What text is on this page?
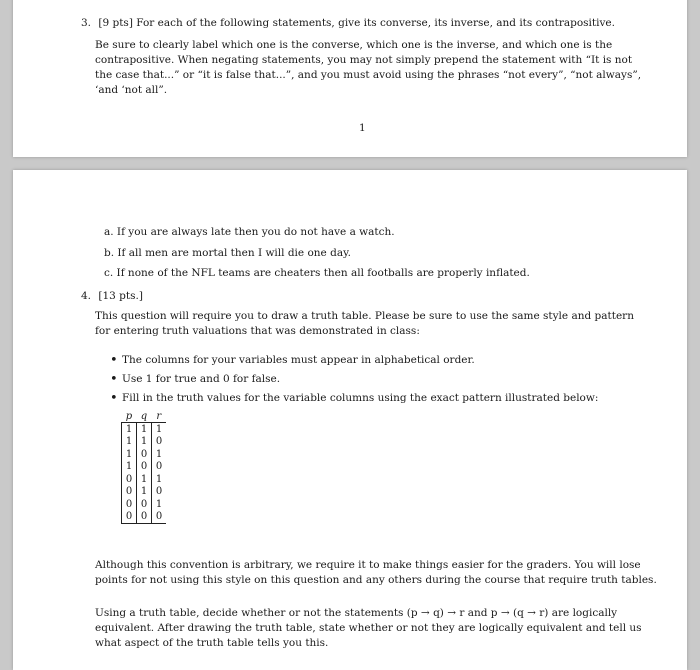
3. [9 pts] For each of the following statements, give its converse, its inverse, and its contrapositive.
Be sure to clearly label which one is the converse, which one is the inverse, and which one is the
contrapositive. When negating statements, you may not simply prepend the statement with “It is not
the case that...” or “it is false that...”, and you must avoid using the phrases “not every”, “not always”,
‘and ‘not all”.
1
a. If you are always late then you do not have a watch.
b. If all men are mortal then I will die one day.
c. If none of the NFL teams are cheaters then all footballs are properly inflated.
4. [13 pts.]
This question will require you to draw a truth table. Please be sure to use the same style and pattern
for entering truth valuations that was demonstrated in class:
• The columns for your variables must appear in alphabetical order.
• Use 1 for true and 0 for false.
• Fill in the truth values for the variable columns using the exact pattern illustrated below:
p	q	r
1	1	1
1	1	0
1	0	1
1	0	0
0	1	1
0	1	0
0	0	1
0	0	0
Although this convention is arbitrary, we require it to make things easier for the graders. You will lose
points for not using this style on this question and any others during the course that require truth tables.
Using a truth table, decide whether or not the statements (p → q) → r and p → (q → r) are logically
equivalent. After drawing the truth table, state whether or not they are logically equivalent and tell us
what aspect of the truth table tells you this.
